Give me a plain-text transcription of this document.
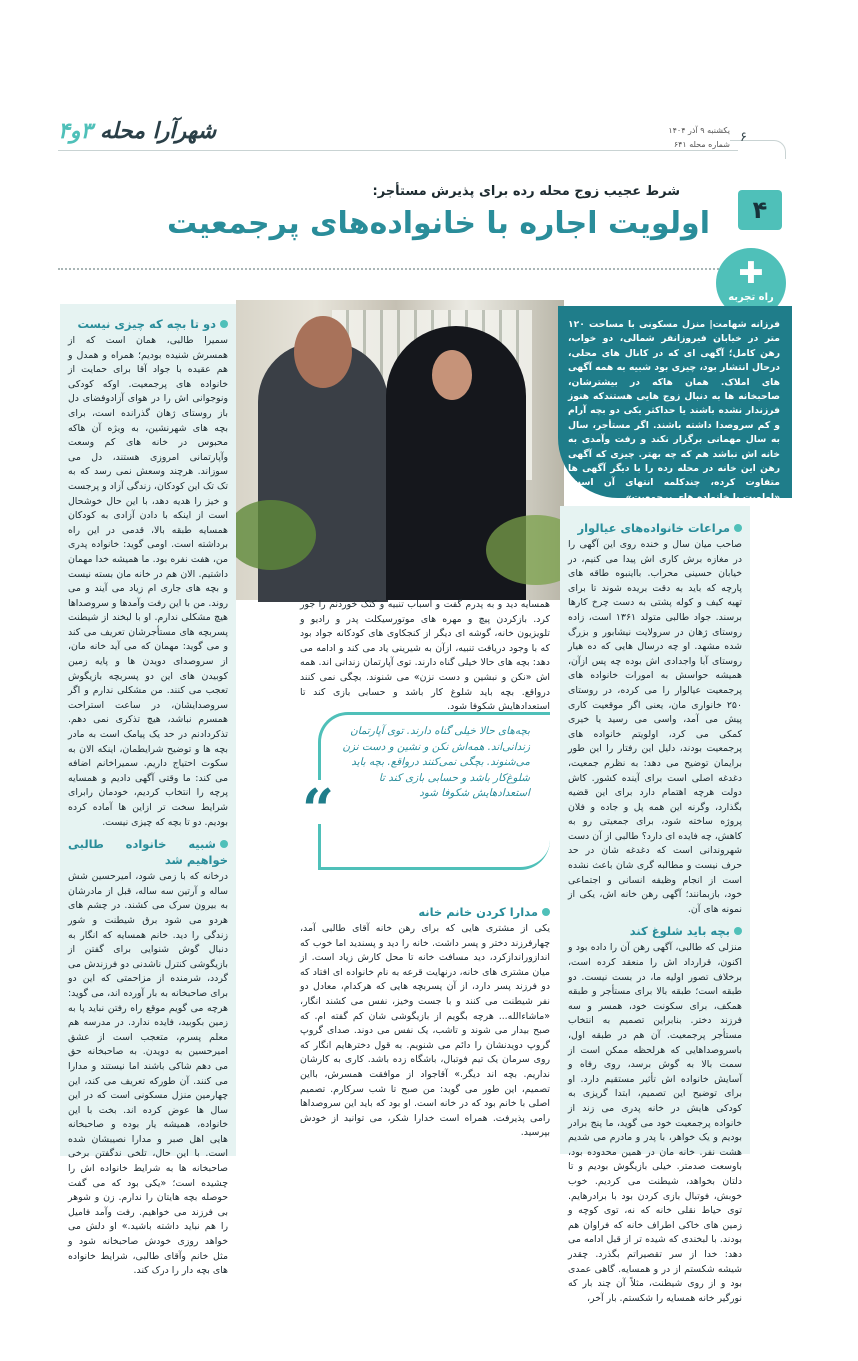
شهرآرا محله ۳و۴	یکشنبه ۹ آذر ۱۴۰۴
شماره محله ۶۴۱ ۶
۴
شرط عجیب زوج محله رده برای پذیرش مستأجر:
اولویت اجاره با خانواده‌های پرجمعیت
✚
راه تجربه

فرزانه شهامت| منزل مسکونی با مساحت ۱۲۰ متر در خیابان فیروزانفر شمالی، دو خواب، رهن کامل؛ آگهی ای که در کانال های محلی، درحال انتشار بود، چیزی بود شبیه به همه آگهی های املاک. همان هاکه در بیشترشان، صاحبخانه ها به دنبال زوج هایی هستندکه هنوز فرزندار نشده باشند یا حداکثر یکی دو بچه آرام و کم سروصدا داشته باشند. اگر مستأجر، سال به سال مهمانی برگزار نکند و رفت وآمدی به خانه اش نباشد هم که چه بهتر. چیزی که آگهی رهن این خانه در محله رده را با دیگر آگهی ها متفاوت کرده، چندکلمه انتهای آن است: «اولویت با خانواده های پرجمعیت».

مراعات خانواده‌های عیالوار

صاحب میان سال و خنده روی این آگهی را در مغازه برش کاری اش پیدا می کنیم، در خیابان حسینی محراب. بااینبوه طاقه های پارچه که باید به دقت بریده شوند تا برای تهیه کیف و کوله پشتی به دست چرخ کارها برسند. جواد طالبی متولد ۱۳۶۱ است، زاده روستای ژهان در سرولایت نیشابور و بزرگ شده مشهد. او چه درسال هایی که ده هیار روستای آبا واجدادی اش بوده چه پس ازآن، همیشه حواسش به امورات خانواده های پرجمعیت عیالوار را می کرده، در روستای ۲۵۰ خانواری مان، یعنی اگر موقعیت کاری پیش می آمد، واسی می رسید یا خیری کمکی می کرد، اولویتم خانواده های پرجمعیت بودند، دلیل این رفتار را این طور برایمان توضیح می دهد: به نظرم جمعیت، دغدغه اصلی است برای آینده کشور. کاش دولت هرچه اهتمام دارد برای این قضیه بگذارد، وگرنه این همه پل و جاده و فلان پروژه ساخته شود، برای جمعیتی رو به کاهش، چه فایده ای دارد؟ طالبی از آن دست شهروندانی است که دغدغه شان در حد حرف نیست و مطالبه گری شان باعث نشده است از انجام وظیفه انسانی و اجتماعی خود، بازبمانند؛ آگهی رهن خانه اش، یکی از نمونه های آن.

بچه باید شلوغ کند

منزلی که طالبی، آگهی رهن آن را داده بود و اکنون، قرارداد اش را منعقد کرده است، برخلاف تصور اولیه ما، در بست نیست. دو طبقه است؛ طبقه بالا برای مستأجر و طبقه همکف، برای سکونت خود، همسر و سه فرزند دختر. بنابراین تصمیم به انتخاب مستأجر پرجمعیت. آن هم در طبقه اول، باسروصداهایی که هرلحظه ممکن است از سمت بالا به گوش برسد، روی رفاه و آسایش خانواده اش تأثیر مستقیم دارد. او برای توضیح این تصمیم، ابتدا گریزی به کودکی هایش در خانه پدری می زند از خانواده پرجمعیت خود می گوید، ما پنج برادر بودیم و یک خواهر، با پدر و مادرم می شدیم هشت نفر. خانه مان در همین محدوده بود، باوسعت صدمتر. خیلی بازیگوش بودیم و تا دلتان بخواهد، شیطنت می کردیم. خوب خوبش، فوتبال بازی کردن بود با برادرهایم. توی حیاط نقلی خانه که نه، توی کوچه و زمین های خاکی اطراف خانه که فراوان هم بودند. با لبخندی که شیده تر از قبل ادامه می دهد: خدا از سر تقصیراتم بگذرد. چقدر شیشه شکستم از در و همسایه. گاهی عمدی بود و از روی شیطنت، مثلاً آن چند بار که نورگیر خانه همسایه را شکستم. بار آخر،

همسایه دید و به پدرم گفت و اسباب تنبیه و کتک خوردنم را جور کرد. بازکردن پیچ و مهره های موتورسیکلت پدر و رادیو و تلویزیون خانه، گوشه ای دیگر از کنجکاوی های کودکانه جواد بود که با وجود دریافت تنبیه، ازآن به شیرینی یاد می کند و ادامه می دهد: بچه های حالا خیلی گناه دارند. توی آپارتمان زندانی اند. همه اش «نکن و نبشین و دست نزن» می شنوند. بچگی نمی کنند درواقع. بچه باید شلوغ کار باشد و حسابی بازی کند تا استعدادهایش شکوفا شود.

بچه‌های حالا خیلی گناه دارند. توی آپارتمان زندانی‌اند. همه‌اش نکن و نشین و دست نزن می‌شنوند. بچگی نمی‌کنند درواقع. بچه باید شلوغ‌کار باشد و حسابی بازی کند تا استعدادهایش شکوفا شود
“
مدارا کردن خانم خانه

یکی از مشتری هایی که برای رهن خانه آقای طالبی آمد، چهارفرزند دختر و پسر داشت. خانه را دید و پسندید اما خوب که اندازوراندازکرد، دید مسافت خانه تا محل کارش زیاد است. از میان مشتری های خانه، درنهایت قرعه به نام خانواده ای افتاد که دو فرزند پسر دارد، از آن پسربچه هایی که هرکدام، معادل دو نفر شیطنت می کنند و با جست وخیز، نفس می کشند انگار، «ماشاءالله... هرچه بگویم از بازیگوشی شان کم گفته ام. که صبح بیدار می شوند و تاشب، یک نفس می دوند. صدای گروپ گروپ دویدنشان را دائم می شنویم. به قول دخترهایم انگار که روی سرمان یک تیم فوتبال، باشگاه زده باشد. کاری به کارشان نداریم. بچه اند دیگر.» آقاجواد از موافقت همسرش، بااین تصمیم، این طور می گوید: من صبح تا شب سرکارم. تصمیم اصلی با خانم بود که در خانه است. او بود که باید این سروصداها رامی پذیرفت. همراه است خدارا شکر، می توانید از خودش بپرسید.

دو تا بچه که چیزی نیست

سمیرا طالبی، همان است که از همسرش شنیده بودیم؛ همراه و همدل و هم عقیده با جواد آقا برای حمایت از خانواده های پرجمعیت. اوکه کودکی ونوجوانی اش را در هوای آزادوفضای دل باز روستای ژهان گذرانده است، برای بچه های شهرنشین، به ویژه آن هاکه محبوس در خانه های کم وسعت وآپارتمانی امروزی هستند، دل می سوزاند. هرچند وسعش نمی رسد که به تک تک این کودکان، زندگی آزاد و پرجست و خیز را هدیه دهد، با این حال خوشحال است از اینکه با دادن آزادی به کودکان همسایه طبقه بالا، قدمی در این راه برداشته است. اومی گوید: خانواده پدری من، هفت نفره بود. ما همیشه خدا مهمان داشتیم. الان هم در خانه مان بسته نیست و بچه های جاری ام زیاد می آیند و می روند. من با این رفت وآمدها و سروصداها هیچ مشکلی ندارم. او با لبخند از شیطنت پسربچه های مستأجرشان تعریف می کند و می گوید: مهمان که می آید خانه مان، از سروصدای دویدن ها و پایه زمین کوبیدن های این دو پسربچه بازیگوش تعجب می کنند. من مشکلی ندارم و اگر سروصدایشان، در ساعت استراحت همسرم نباشد، هیچ تذکری نمی دهم. تذکردادنم در حد یک پیامک است به مادر بچه ها و توضیح شرایطمان، اینکه الان به سکوت احتیاج داریم. سمیراخانم اضافه می کند: ما وقتی آگهی دادیم و همسایه پرچه را انتخاب کردیم، خودمان رابرای شرایط سخت تر ازاین ها آماده کرده بودیم. دو تا بچه که چیزی نیست.

شبیه خانواده طالبی خواهیم شد

درخانه که با زمی شود، امیرحسین شش ساله و آرتین سه ساله، قبل از مادرشان به بیرون سرک می کشند. در چشم های هردو می شود برق شیطنت و شور زندگی را دید. خانم همسایه که انگار به دنبال گوش شنوایی برای گفتن از بازیگوشی کنترل ناشدنی دو فرزندش می گردد، شرمنده از مزاحمتی که این دو برای صاحبخانه به بار آورده اند، می گوید: هرچه می گویم موقع راه رفتن نباید پا به زمین بکوبید، فایده ندارد. در مدرسه هم معلم پسرم، متعجب است از عشق امیرحسین به دویدن. به صاحبخانه حق می دهم شاکی باشند اما نیستند و مدارا می کنند. آن طورکه تعریف می کند، این چهارمین منزل مسکونی است که در این سال ها عوض کرده اند. بخت با این خانواده، همیشه یار بوده و صاحبخانه هایی اهل صبر و مدارا نصیبشان شده است. با این حال، تلخی ندگفتن برخی صاحبخانه ها به شرایط خانواده اش را چشیده است؛ «یکی بود که می گفت حوصله بچه هایتان را ندارم. زن و شوهر بی فرزند می خواهیم. رفت وآمد فامیل را هم نباید داشته باشید.» او دلش می خواهد روزی خودش صاحبخانه شود و مثل خانم وآقای طالبی، شرایط خانواده های بچه دار را درک کند.
